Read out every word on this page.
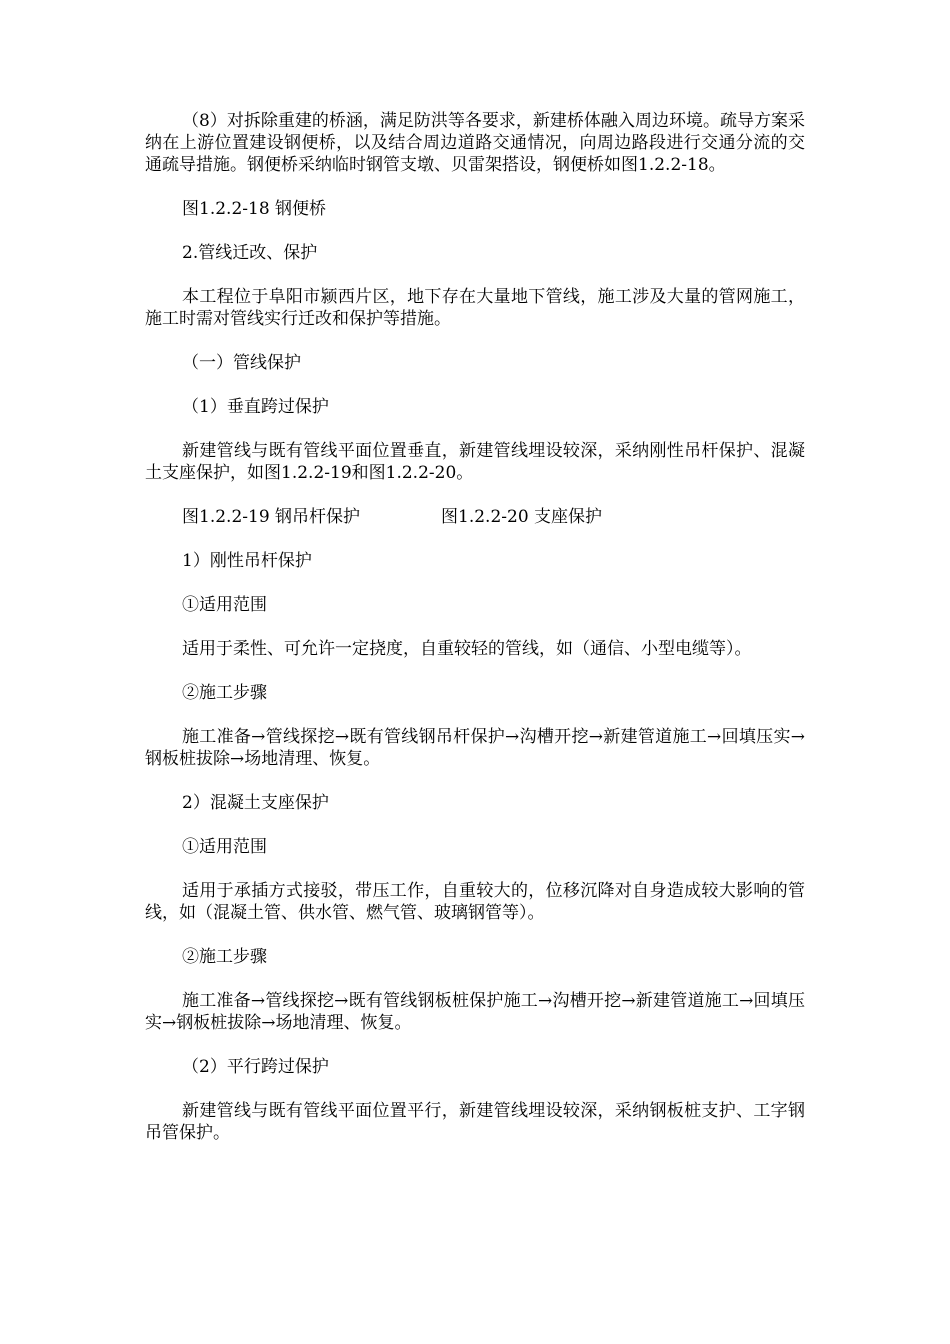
（8）对拆除重建的桥涵，满足防洪等各要求，新建桥体融入周边环境。疏导方案采纳在上游位置建设钢便桥，以及结合周边道路交通情况，向周边路段进行交通分流的交通疏导措施。钢便桥采纳临时钢管支墩、贝雷架搭设，钢便桥如图1.2.2-18。

图1.2.2-18 钢便桥

2.管线迁改、保护

本工程位于阜阳市颍西片区，地下存在大量地下管线，施工涉及大量的管网施工，施工时需对管线实行迁改和保护等措施。

（一）管线保护

（1）垂直跨过保护

新建管线与既有管线平面位置垂直，新建管线埋设较深，采纳刚性吊杆保护、混凝土支座保护，如图1.2.2-19和图1.2.2-20。

图1.2.2-19 钢吊杆保护	图1.2.2-20 支座保护

1）刚性吊杆保护

①适用范围

适用于柔性、可允许一定挠度，自重较轻的管线，如（通信、小型电缆等）。

②施工步骤

施工准备→管线探挖→既有管线钢吊杆保护→沟槽开挖→新建管道施工→回填压实→钢板桩拔除→场地清理、恢复。

2）混凝土支座保护

①适用范围

适用于承插方式接驳，带压工作，自重较大的，位移沉降对自身造成较大影响的管线，如（混凝土管、供水管、燃气管、玻璃钢管等）。

②施工步骤

施工准备→管线探挖→既有管线钢板桩保护施工→沟槽开挖→新建管道施工→回填压实→钢板桩拔除→场地清理、恢复。

（2）平行跨过保护

新建管线与既有管线平面位置平行，新建管线埋设较深，采纳钢板桩支护、工字钢吊管保护。
